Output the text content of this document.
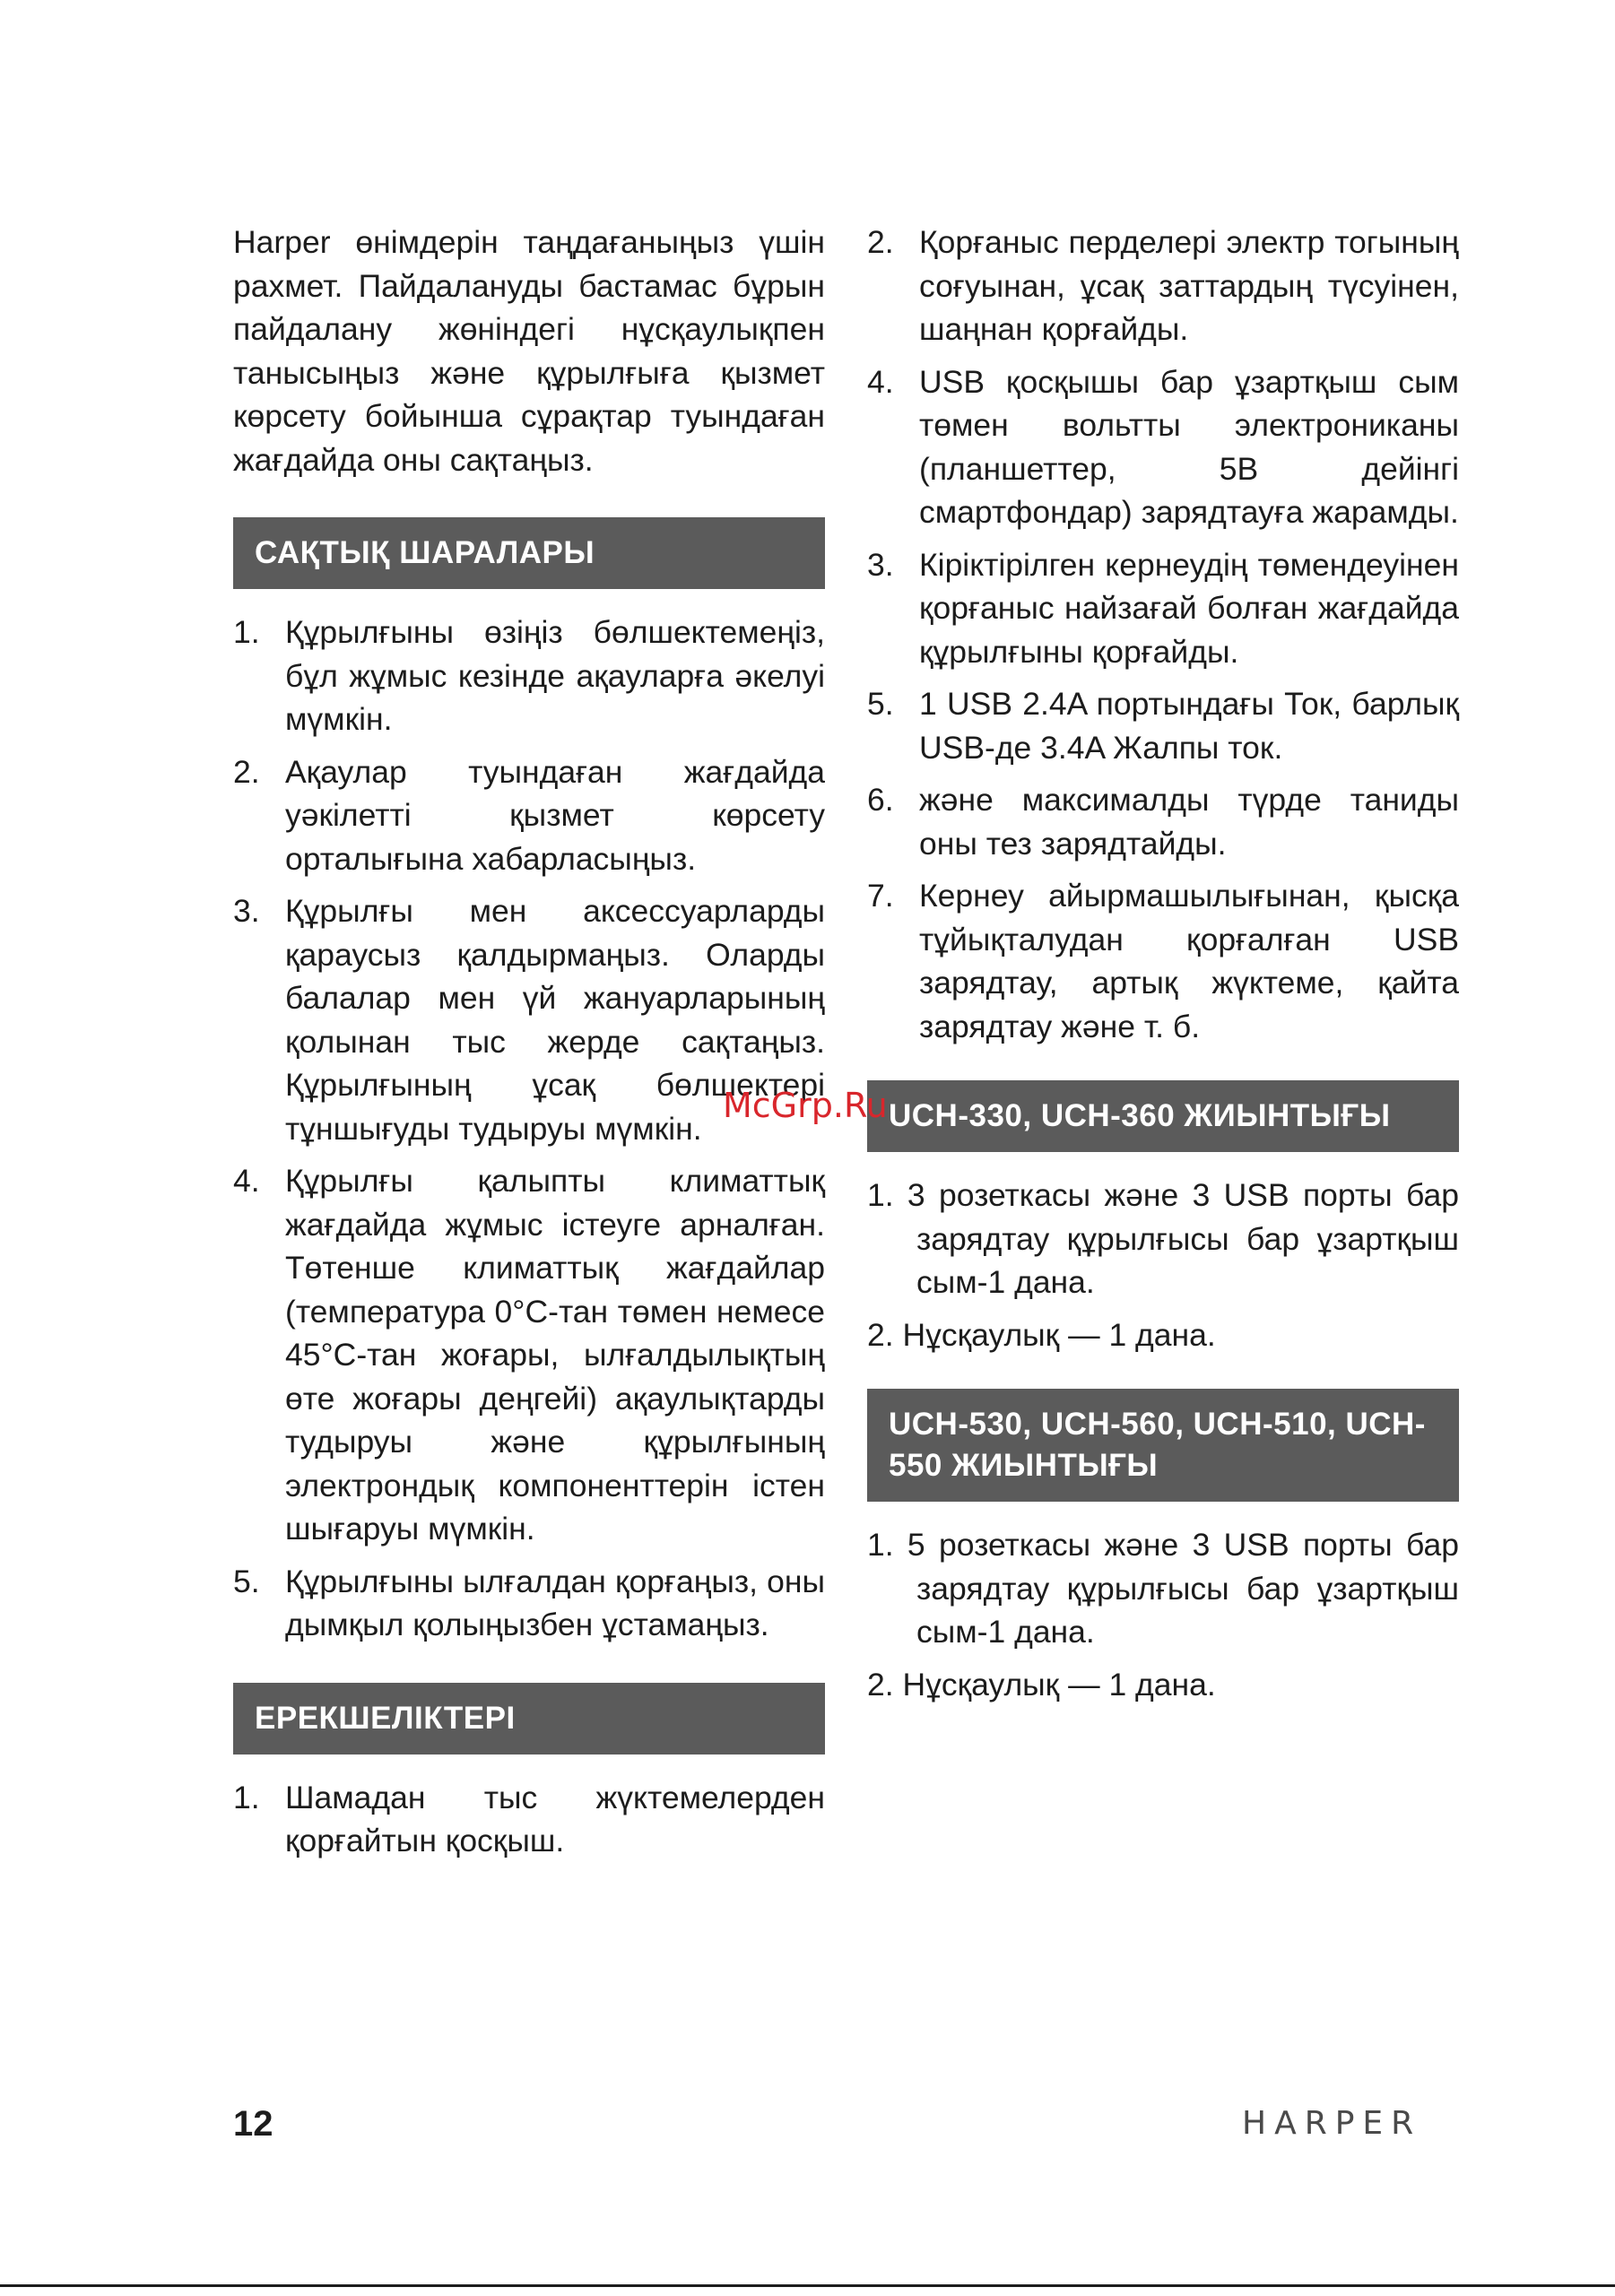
Harper өнімдерін таңдағаныңыз үшін рахмет. Пайдалануды бастамас бұрын пайдалану жөніндегі нұсқаулықпен танысыңыз және құрылғыға қызмет көрсету бойынша сұрақтар туындаған жағдайда оны сақтаңыз.

САҚТЫҚ ШАРАЛАРЫ
1. Құрылғыны өзіңіз бөлшектемеңіз, бұл жұмыс кезінде ақауларға әкелуі мүмкін.
2. Ақаулар туындаған жағдайда уәкілетті қызмет көрсету орталығына хабарласыңыз.
3. Құрылғы мен аксессуарларды қараусыз қалдырмаңыз. Оларды балалар мен үй жануарларының қолынан тыс жерде сақтаңыз. Құрылғының ұсақ бөлшектері тұншығуды тудыруы мүмкін.
4. Құрылғы қалыпты климаттық жағдайда жұмыс істеуге арналған. Төтенше климаттық жағдайлар (температура 0°C-тан төмен немесе 45°C-тан жоғары, ылғалдылықтың өте жоғары деңгейі) ақаулықтарды тудыруы және құрылғының электрондық компоненттерін істен шығаруы мүмкін.
5. Құрылғыны ылғалдан қорғаңыз, оны дымқыл қолыңызбен ұстамаңыз.
ЕРЕКШЕЛІКТЕРІ
1. Шамадан тыс жүктемелерден қорғайтын қосқыш.
2. Қорғаныс перделері электр тогының соғуынан, ұсақ заттардың түсуінен, шаңнан қорғайды.
4. USB қосқышы бар ұзартқыш сым төмен вольтты электрониканы (планшеттер, 5В дейінгі смартфондар) зарядтауға жарамды.
3. Кірiктiрiлген кернеудiң төмендеуiнен қорғаныс найзағай болған жағдайда құрылғыны қорғайды.
5. 1 USB 2.4A портындағы Ток, барлық USB-де 3.4A Жалпы ток.
6. және максималды түрде таниды оны тез зарядтайды.
7. Кернеу айырмашылығынан, қысқа тұйықталудан қорғалған USB зарядтау, артық жүктеме, қайта зарядтау және т. б.
UCH-330, UCH-360 ЖИЫНТЫҒЫ
1. 3 розеткасы және 3 USB порты бар зарядтау құрылғысы бар ұзартқыш сым-1 дана.
2. Нұсқаулық — 1 дана.
UCH-530, UCH-560, UCH-510, UCH-550 ЖИЫНТЫҒЫ
1. 5 розеткасы және 3 USB порты бар зарядтау құрылғысы бар ұзартқыш сым-1 дана.
2. Нұсқаулық — 1 дана.
McGrp.Ru
12	HARPER
